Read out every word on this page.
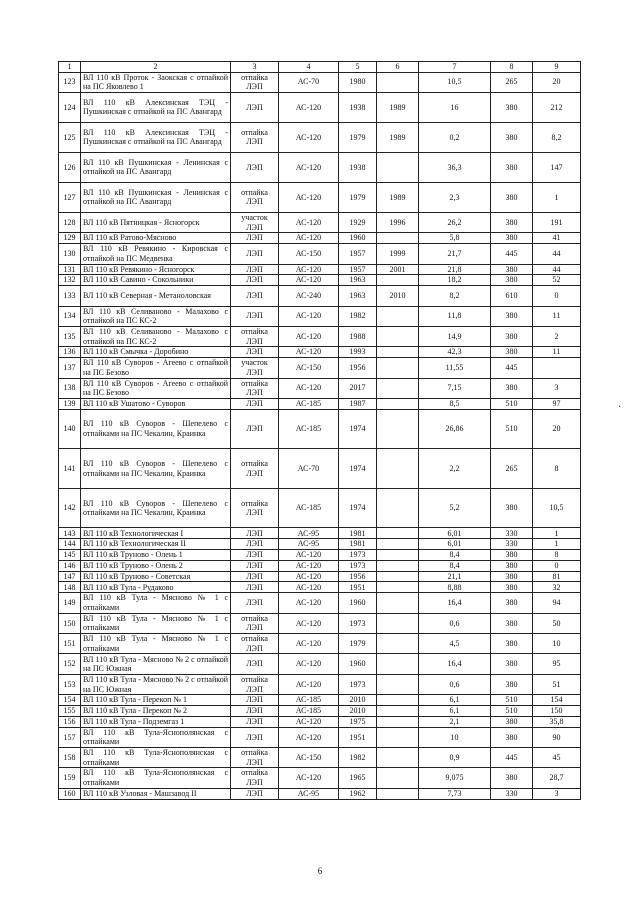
1	2	3	4	5	6	7	8	9
123	ВЛ 110 кВ Проток - Заокская с отпайкой на ПС Яковлево 1	отпайка ЛЭП	АС-70	1980		10,5	265	20
124	ВЛ 110 кВ Алексинская ТЭЦ - Пушкинская с отпайкой на ПС Авангард	ЛЭП	АС-120	1938	1989	16	380	212
125	ВЛ 110 кВ Алексинская ТЭЦ - Пушкинская с отпайкой на ПС Авангард	отпайка ЛЭП	АС-120	1979	1989	0,2	380	8,2
126	ВЛ 110 кВ Пушкинская - Ленинская с отпайкой на ПС Авангард	ЛЭП	АС-120	1938		36,3	380	147
127	ВЛ 110 кВ Пушкинская - Ленинская с отпайкой на ПС Авангард	отпайка ЛЭП	АС-120	1979	1989	2,3	380	1
128	ВЛ 110 кВ Пятницкая - Ясногорск	участок ЛЭП	АС-120	1929	1996	26,2	380	191
129	ВЛ 110 кВ Ратово-Мясново	ЛЭП	АС-120	1960		5,8	380	41
130	ВЛ 110 кВ Ревякино - Кировская с отпайкой на ПС Медвенка	ЛЭП	АС-150	1957	1999	21,7	445	44
131	ВЛ 110 кВ Ревякино - Ясногорск	ЛЭП	АС-120	1957	2001	21,8	380	44
132	ВЛ 110 кВ Савино - Сокольники	ЛЭП	АС-120	1963		18,2	380	52
133	ВЛ 110 кВ Северная - Метаноловская	ЛЭП	АС-240	1963	2010	8,2	610	0
134	ВЛ 110 кВ Селиваново - Малахово с отпайкой на ПС КС-2	ЛЭП	АС-120	1982		11,8	380	11
135	ВЛ 110 кВ Селиваново - Малахово с отпайкой на ПС КС-2	отпайка ЛЭП	АС-120	1988		14,9	380	2
136	ВЛ 110 кВ Смычка - Доробино	ЛЭП	АС-120	1993		42,3	380	11
137	ВЛ 110 кВ Суворов - Агеево с отпайкой на ПС Безово	участок ЛЭП	АС-150	1956		11,55	445	
138	ВЛ 110 кВ Суворов - Агеево с отпайкой на ПС Безово	отпайка ЛЭП	АС-120	2017		7,15	380	3
139	ВЛ 110 кВ Ушатово - Суворов	ЛЭП	АС-185	1987		8,5	510	97
140	ВЛ 110 кВ Суворов - Шепелево с отпайками на ПС Чекалин, Краинка	ЛЭП	АС-185	1974		26,86	510	20
141	ВЛ 110 кВ Суворов - Шепелево с отпайками на ПС Чекалин, Краинка	отпайка ЛЭП	АС-70	1974		2,2	265	8
142	ВЛ 110 кВ Суворов - Шепелево с отпайками на ПС Чекалин, Краинка	отпайка ЛЭП	АС-185	1974		5,2	380	10,5
143	ВЛ 110 кВ Технологическая I	ЛЭП	АС-95	1981		6,01	330	1
144	ВЛ 110 кВ Технологическая II	ЛЭП	АС-95	1981		6,01	330	1
145	ВЛ 110 кВ Труново - Олень 1	ЛЭП	АС-120	1973		8,4	380	8
146	ВЛ 110 кВ Труново - Олень 2	ЛЭП	АС-120	1973		8,4	380	0
147	ВЛ 110 кВ Труново - Советская	ЛЭП	АС-120	1956		21,1	380	81
148	ВЛ 110 кВ Тула - Рудаково	ЛЭП	АС-120	1951		8,88	380	32
149	ВЛ 110 кВ Тула - Мясново № 1 с отпайками	ЛЭП	АС-120	1960		16,4	380	94
150	ВЛ 110 кВ Тула - Мясново № 1 с отпайками	отпайка ЛЭП	АС-120	1973		0,6	380	50
151	ВЛ 110 кВ Тула - Мясново № 1 с отпайками	отпайка ЛЭП	АС-120	1979		4,5	380	10
152	ВЛ 110 кВ Тула - Мясново № 2 с отпайкой на ПС Южная	ЛЭП	АС-120	1960		16,4	380	95
153	ВЛ 110 кВ Тула - Мясново № 2 с отпайкой на ПС Южная	отпайка ЛЭП	АС-120	1973		0,6	380	51
154	ВЛ 110 кВ Тула - Перекоп № 1	ЛЭП	АС-185	2010		6,1	510	154
155	ВЛ 110 кВ Тула - Перекоп № 2	ЛЭП	АС-185	2010		6,1	510	150
156	ВЛ 110 кВ Тула - Подземгаз 1	ЛЭП	АС-120	1975		2,1	380	35,8
157	ВЛ 110 кВ Тула-Яснополянская с отпайками	ЛЭП	АС-120	1951		10	380	90
158	ВЛ 110 кВ Тула-Яснополянская с отпайками	отпайка ЛЭП	АС-150	1982		0,9	445	45
159	ВЛ 110 кВ Тула-Яснополянская с отпайками	отпайка ЛЭП	АС-120	1965		9,075	380	28,7
160	ВЛ 110 кВ Узловая - Машзавод II	ЛЭП	АС-95	1962		7,73	330	3
6
·
